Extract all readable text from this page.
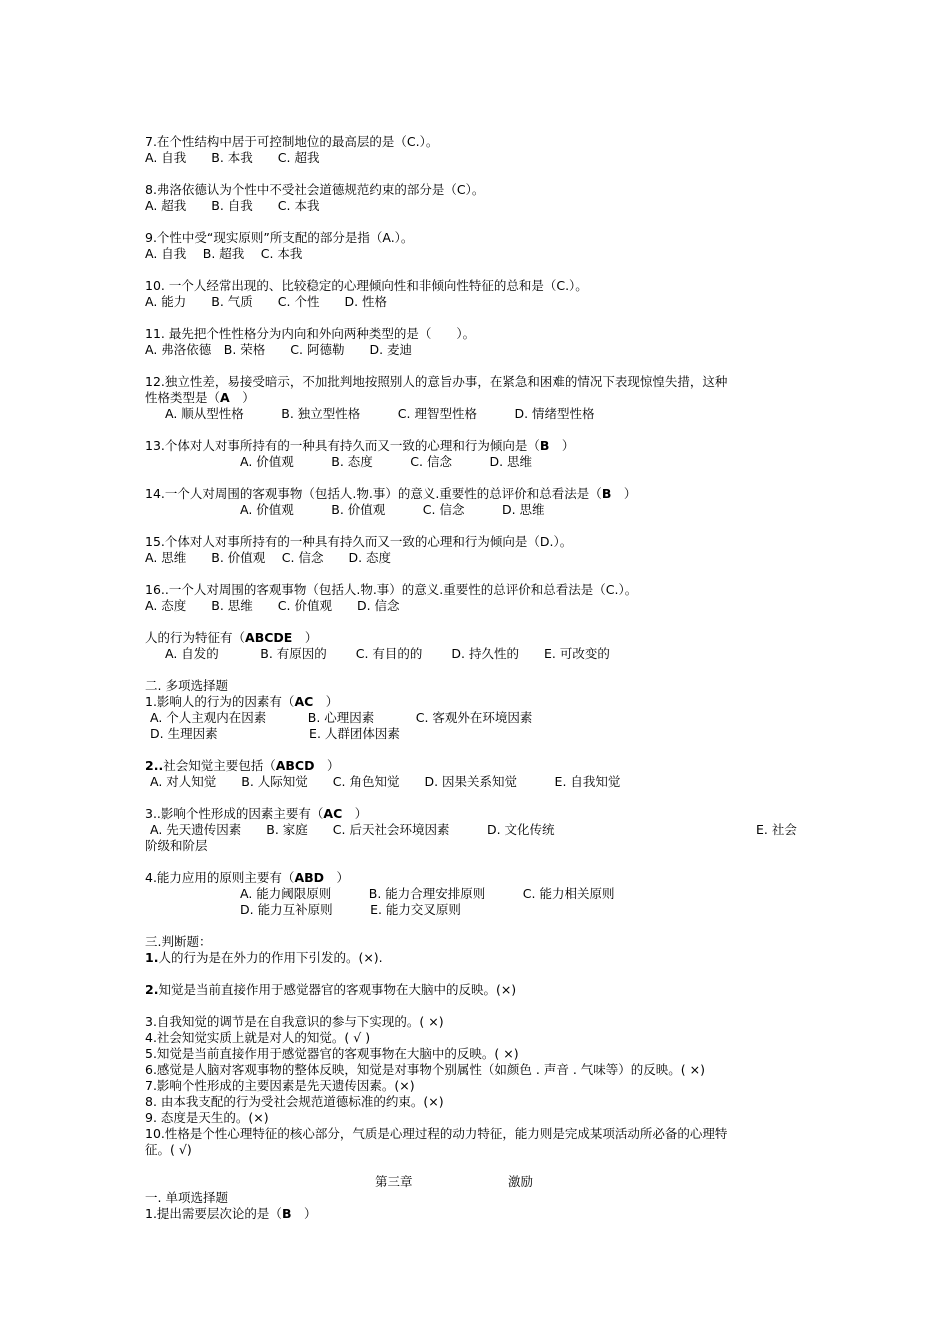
7.在个性结构中居于可控制地位的最高层的是（C.）。
A. 自我　　B. 本我　　C. 超我
8.弗洛依德认为个性中不受社会道德规范约束的部分是（C）。
A. 超我　　B. 自我　　C. 本我
9.个性中受“现实原则”所支配的部分是指（A.）。
A. 自我　 B. 超我　 C. 本我
10. 一个人经常出现的、比较稳定的心理倾向性和非倾向性特征的总和是（C.）。
A. 能力　　B. 气质　　C. 个性　　D. 性格
11. 最先把个性性格分为内向和外向两种类型的是（　　）。
A. 弗洛依德　B. 荣格　　C. 阿德勒　　D. 麦迪
12.独立性差，易接受暗示，不加批判地按照别人的意旨办事，在紧急和困难的情况下表现惊惶失措，这种
性格类型是（A　）
A. 顺从型性格　　　B. 独立型性格　　　C. 理智型性格　　　D. 情绪型性格
13.个体对人对事所持有的一种具有持久而又一致的心理和行为倾向是（B　）
A. 价值观　　　B. 态度　　　C. 信念　　　D. 思维
14.一个人对周围的客观事物（包括人.物.事）的意义.重要性的总评价和总看法是（B　）
A. 价值观　　　B. 价值观　　　C. 信念　　　D. 思维
15.个体对人对事所持有的一种具有持久而又一致的心理和行为倾向是（D.）。
A. 思维　　B. 价值观　 C. 信念　　D. 态度
16..一个人对周围的客观事物（包括人.物.事）的意义.重要性的总评价和总看法是（C.）。
A. 态度　　B. 思维　　C. 价值观　　D. 信念
人的行为特征有（ABCDE　）
A. 自发的　　　 B. 有原因的　　 C. 有目的的　　 D. 持久性的　　E. 可改变的
二. 多项选择题
1.影响人的行为的因素有（AC　）
A. 个人主观内在因素　　　 B. 心理因素　　　 C. 客观外在环境因素
D. 生理因素　　　　　　　 E. 人群团体因素
2..社会知觉主要包括（ABCD　）
A. 对人知觉　　B. 人际知觉　　C. 角色知觉　　D. 因果关系知觉　　　E. 自我知觉
3..影响个性形成的因素主要有（AC　）
A. 先天遗传因素　　B. 家庭　　C. 后天社会环境因素　　　D. 文化传统	E. 社会
阶级和阶层
4.能力应用的原则主要有（ABD　）
A. 能力阈限原则　　　B. 能力合理安排原则　　　C. 能力相关原则
D. 能力互补原则　　　E. 能力交叉原则
三.判断题：
1.人的行为是在外力的作用下引发的。(×).
2.知觉是当前直接作用于感觉器官的客观事物在大脑中的反映。(×)
3.自我知觉的调节是在自我意识的参与下实现的。( ×)
4.社会知觉实质上就是对人的知觉。( √ )
5.知觉是当前直接作用于感觉器官的客观事物在大脑中的反映。( ×)
6.感觉是人脑对客观事物的整体反映，知觉是对事物个别属性（如颜色 . 声音 . 气味等）的反映。( ×)
7.影响个性形成的主要因素是先天遗传因素。(×)
8. 由本我支配的行为受社会规范道德标准的约束。(×)
9. 态度是天生的。(×)
10.性格是个性心理特征的核心部分，气质是心理过程的动力特征，能力则是完成某项活动所必备的心理特
征。( √)
第三章	激励
一. 单项选择题
1.提出需要层次论的是（B　）
